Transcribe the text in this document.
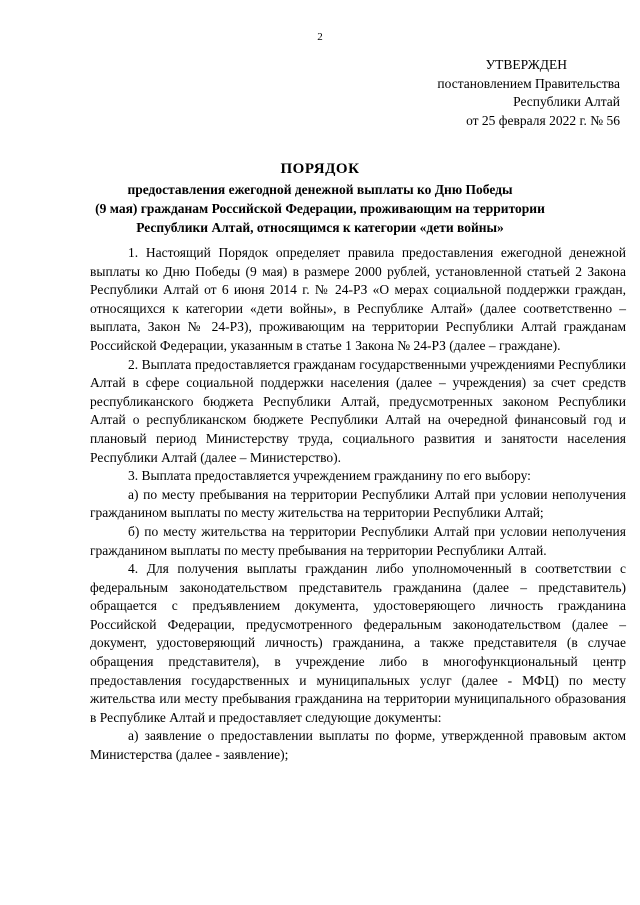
2
УТВЕРЖДЕН
постановлением Правительства
Республики Алтай
от 25 февраля 2022 г. № 56
ПОРЯДОК
предоставления ежегодной денежной выплаты ко Дню Победы
(9 мая) гражданам Российской Федерации, проживающим на территории
Республики Алтай, относящимся к категории «дети войны»

1. Настоящий Порядок определяет правила предоставления ежегодной денежной выплаты ко Дню Победы (9 мая) в размере 2000 рублей, установленной статьей 2 Закона Республики Алтай от 6 июня 2014 г. № 24-РЗ «О мерах социальной поддержки граждан, относящихся к категории «дети войны», в Республике Алтай» (далее соответственно – выплата, Закон № 24-РЗ), проживающим на территории Республики Алтай гражданам Российской Федерации, указанным в статье 1 Закона № 24-РЗ (далее – граждане).

2. Выплата предоставляется гражданам государственными учреждениями Республики Алтай в сфере социальной поддержки населения (далее – учреждения) за счет средств республиканского бюджета Республики Алтай, предусмотренных законом Республики Алтай о республиканском бюджете Республики Алтай на очередной финансовый год и плановый период Министерству труда, социального развития и занятости населения Республики Алтай (далее – Министерство).

3. Выплата предоставляется учреждением гражданину по его выбору:

а) по месту пребывания на территории Республики Алтай при условии неполучения гражданином выплаты по месту жительства на территории Республики Алтай;

б) по месту жительства на территории Республики Алтай при условии неполучения гражданином выплаты по месту пребывания на территории Республики Алтай.

4. Для получения выплаты гражданин либо уполномоченный в соответствии с федеральным законодательством представитель гражданина (далее – представитель) обращается с предъявлением документа, удостоверяющего личность гражданина Российской Федерации, предусмотренного федеральным законодательством (далее – документ, удостоверяющий личность) гражданина, а также представителя (в случае обращения представителя), в учреждение либо в многофункциональный центр предоставления государственных и муниципальных услуг (далее - МФЦ) по месту жительства или месту пребывания гражданина на территории муниципального образования в Республике Алтай и предоставляет следующие документы:

а) заявление о предоставлении выплаты по форме, утвержденной правовым актом Министерства (далее - заявление);
